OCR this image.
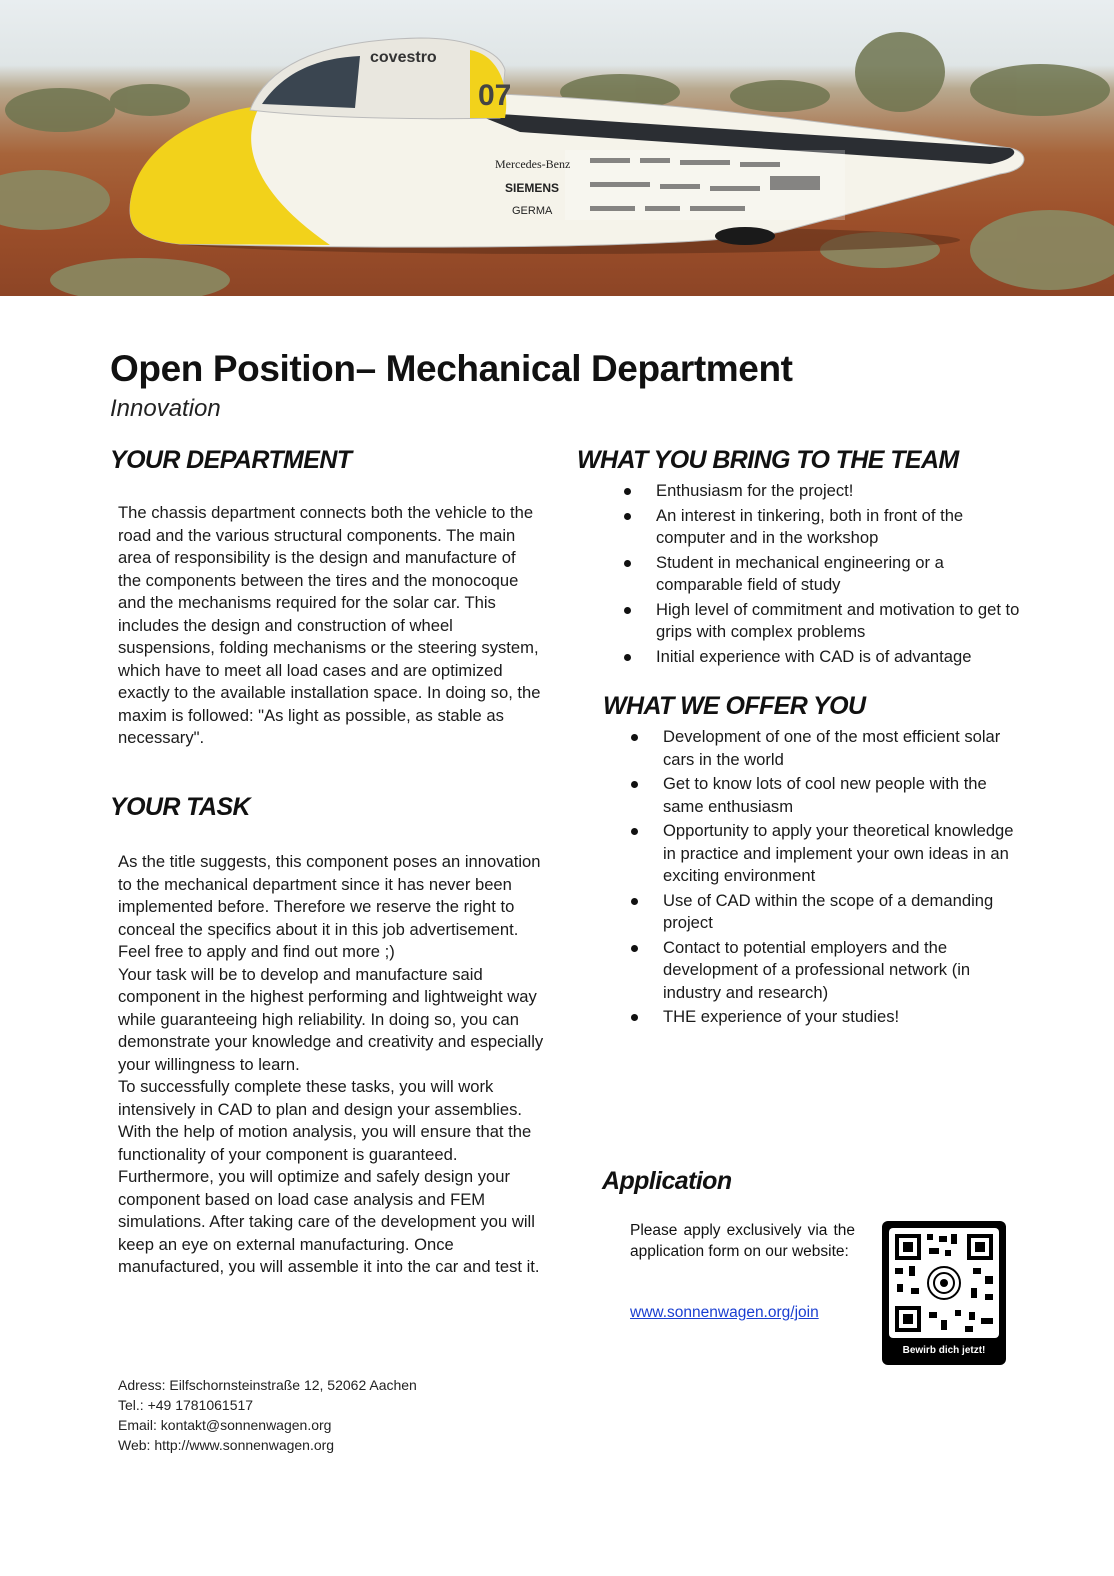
covestro
07
Mercedes-Benz
SIEMENS
GERMA
Open Position– Mechanical Department
Innovation
YOUR DEPARTMENT

The chassis department connects both the vehicle to the road and the various structural components. The main area of responsibility is the design and manufacture of the components between the tires and the monocoque and the mechanisms required for the solar car. This includes the design and construction of wheel suspensions, folding mechanisms or the steering system, which have to meet all load cases and are optimized exactly to the available installation space. In doing so, the maxim is followed: "As light as possible, as stable as necessary".

YOUR TASK
As the title suggests, this component poses an innovation to the mechanical department since it has never been implemented before. Therefore we reserve the right to conceal the specifics about it in this job advertisement. Feel free to apply and find out more ;)
Your task will be to develop and manufacture said component in the highest performing and lightweight way while guaranteeing high reliability. In doing so, you can demonstrate your knowledge and creativity and especially your willingness to learn.
To successfully complete these tasks, you will work intensively in CAD to plan and design your assemblies. With the help of motion analysis, you will ensure that the functionality of your component is guaranteed. Furthermore, you will optimize and safely design your component based on load case analysis and FEM simulations. After taking care of the development you will keep an eye on external manufacturing. Once manufactured, you will assemble it into the car and test it.
WHAT YOU BRING TO THE TEAM
Enthusiasm for the project!
An interest in tinkering, both in front of the computer and in the workshop
Student in mechanical engineering or a comparable field of study
High level of commitment and motivation to get to grips with complex problems
Initial experience with CAD is of advantage
WHAT WE OFFER YOU
Development of one of the most efficient solar cars in the world
Get to know lots of cool new people with the same enthusiasm
Opportunity to apply your theoretical knowledge in practice and implement your own ideas in an exciting environment
Use of CAD within the scope of a demanding project
Contact to potential employers and the development of a professional network (in industry and research)
THE experience of your studies!
Application

Please apply exclusively via the application form on our website:

www.sonnenwagen.org/join
Bewirb dich jetzt!
Adress: Eilfschornsteinstraße 12, 52062 Aachen
Tel.: +49 1781061517
Email: kontakt@sonnenwagen.org
Web: http://www.sonnenwagen.org
